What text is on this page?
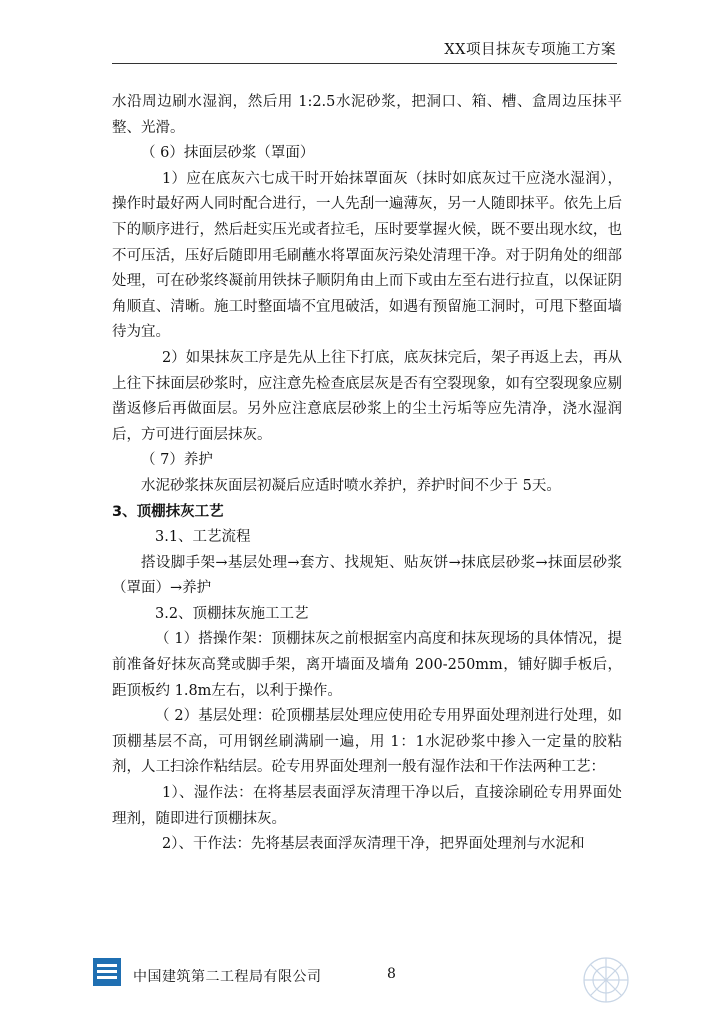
XX项目抹灰专项施工方案

水沿周边刷水湿润，然后用 1:2.5水泥砂浆，把洞口、箱、槽、盒周边压抹平整、光滑。

（ 6）抹面层砂浆（罩面）

1）应在底灰六七成干时开始抹罩面灰（抹时如底灰过干应浇水湿润），操作时最好两人同时配合进行，一人先刮一遍薄灰，另一人随即抹平。依先上后下的顺序进行，然后赶实压光或者拉毛，压时要掌握火候，既不要出现水纹，也不可压活，压好后随即用毛刷蘸水将罩面灰污染处清理干净。对于阴角处的细部处理，可在砂浆终凝前用铁抹子顺阴角由上而下或由左至右进行拉直，以保证阴角顺直、清晰。施工时整面墙不宜甩破活，如遇有预留施工洞时，可甩下整面墙待为宜。

2）如果抹灰工序是先从上往下打底，底灰抹完后，架子再返上去，再从上往下抹面层砂浆时，应注意先检查底层灰是否有空裂现象，如有空裂现象应剔凿返修后再做面层。另外应注意底层砂浆上的尘土污垢等应先清净，浇水湿润后，方可进行面层抹灰。

（ 7）养护

水泥砂浆抹灰面层初凝后应适时喷水养护，养护时间不少于 5天。

3、顶棚抹灰工艺

3.1、工艺流程

搭设脚手架→基层处理→套方、找规矩、贴灰饼→抹底层砂浆→抹面层砂浆（罩面）→养护

3.2、顶棚抹灰施工工艺

（ 1）搭操作架：顶棚抹灰之前根据室内高度和抹灰现场的具体情况，提前准备好抹灰高凳或脚手架，离开墙面及墙角 200-250mm，铺好脚手板后，距顶板约 1.8m左右，以利于操作。

（ 2）基层处理：砼顶棚基层处理应使用砼专用界面处理剂进行处理，如顶棚基层不高，可用钢丝刷满刷一遍，用 1：1水泥砂浆中掺入一定量的胶粘剂，人工扫涂作粘结层。砼专用界面处理剂一般有湿作法和干作法两种工艺：

1）、湿作法：在将基层表面浮灰清理干净以后，直接涂刷砼专用界面处理剂，随即进行顶棚抹灰。

2）、干作法：先将基层表面浮灰清理干净，把界面处理剂与水泥和

中国建筑第二工程局有限公司	8
